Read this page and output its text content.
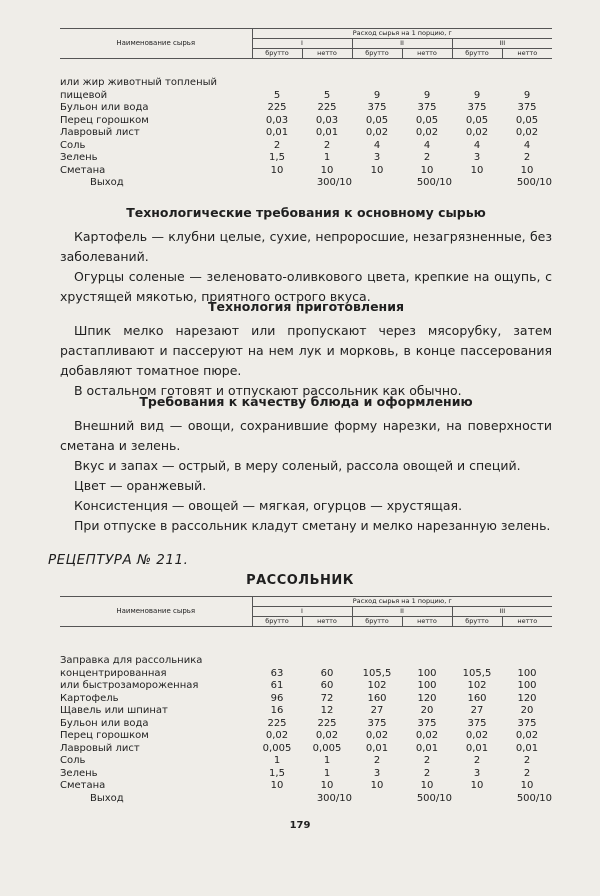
Наименование сырья	Расход сырья на 1 порцию, г					
	I		II		III	
	брутто	нетто	брутто	нетто	брутто	нетто
или жир животный топленый						
пищевой	5	5	9	9	9	9
Бульон или вода	225	225	375	375	375	375
Перец горошком	0,03	0,03	0,05	0,05	0,05	0,05
Лавровый лист	0,01	0,01	0,02	0,02	0,02	0,02
Соль	2	2	4	4	4	4
Зелень	1,5	1	3	2	3	2
Сметана	10	10	10	10	10	10
Выход	300/10		500/10		500/10	
Технологические требования к основному сырью

Картофель — клубни целые, сухие, непроросшие, незагрязненные, без заболеваний.

Огурцы соленые — зеленовато-оливкового цвета, крепкие на ощупь, с хрустящей мякотью, приятного острого вкуса.

Технология приготовления

Шпик мелко нарезают или пропускают через мясорубку, затем растапливают и пассеруют на нем лук и морковь, в конце пассерования добавляют томатное пюре.

В остальном готовят и отпускают рассольник как обычно.

Требования к качеству блюда и оформлению

Внешний вид — овощи, сохранившие форму нарезки, на поверхности сметана и зелень.

Вкус и запах — острый, в меру соленый, рассола овощей и специй.

Цвет — оранжевый.

Консистенция — овощей — мягкая, огурцов — хрустящая.

При отпуске в рассольник кладут сметану и мелко нарезанную зелень.

РЕЦЕПТУРА № 211.
РАССОЛЬНИК
Наименование сырья	Расход сырья на 1 порцию, г					
	I		II		III	
	брутто	нетто	брутто	нетто	брутто	нетто
Заправка для рассольника						
концентрированная	63	60	105,5	100	105,5	100
или быстрозамороженная	61	60	102	100	102	100
Картофель	96	72	160	120	160	120
Щавель или шпинат	16	12	27	20	27	20
Бульон или вода	225	225	375	375	375	375
Перец горошком	0,02	0,02	0,02	0,02	0,02	0,02
Лавровый лист	0,005	0,005	0,01	0,01	0,01	0,01
Соль	1	1	2	2	2	2
Зелень	1,5	1	3	2	3	2
Сметана	10	10	10	10	10	10
Выход	300/10		500/10		500/10	
179
